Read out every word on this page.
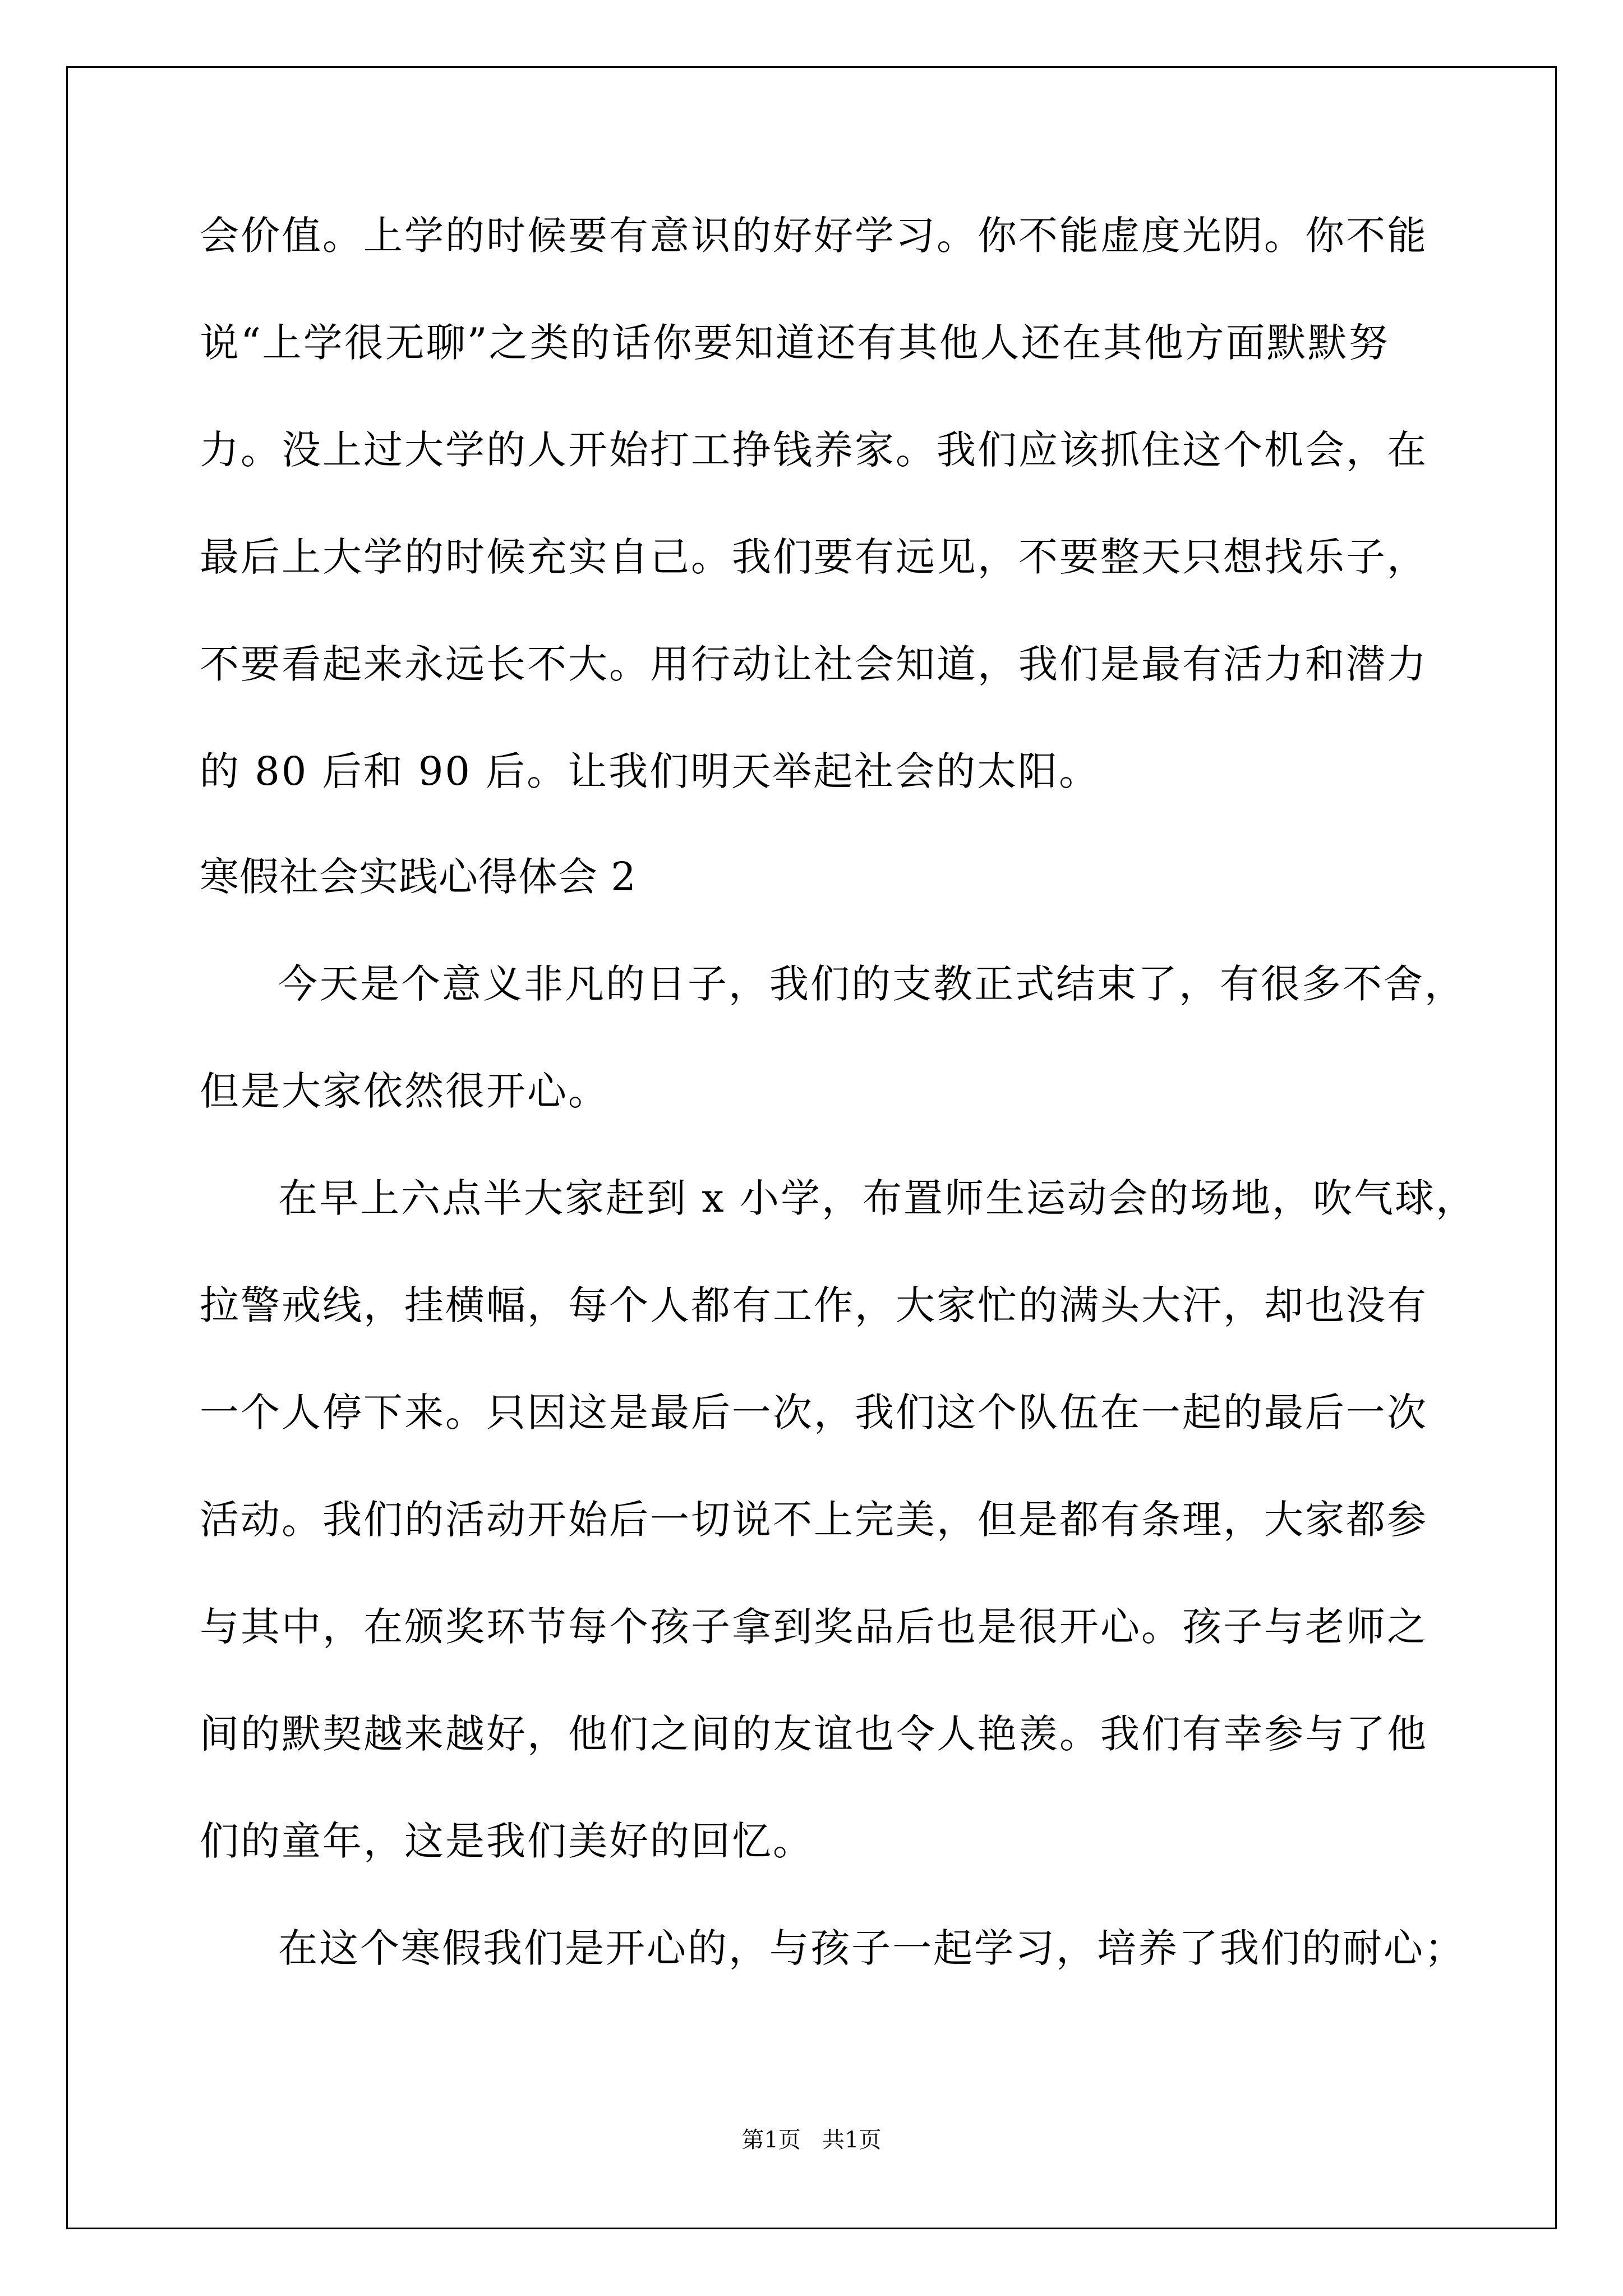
会价值。上学的时候要有意识的好好学习。你不能虚度光阴。你不能
说“上学很无聊”之类的话你要知道还有其他人还在其他方面默默努
力。没上过大学的人开始打工挣钱养家。我们应该抓住这个机会，在
最后上大学的时候充实自己。我们要有远见，不要整天只想找乐子，
不要看起来永远长不大。用行动让社会知道，我们是最有活力和潜力
的 80 后和 90 后。让我们明天举起社会的太阳。
寒假社会实践心得体会 2
今天是个意义非凡的日子，我们的支教正式结束了，有很多不舍，
但是大家依然很开心。
在早上六点半大家赶到 x 小学，布置师生运动会的场地，吹气球，
拉警戒线，挂横幅，每个人都有工作，大家忙的满头大汗，却也没有
一个人停下来。只因这是最后一次，我们这个队伍在一起的最后一次
活动。我们的活动开始后一切说不上完美，但是都有条理，大家都参
与其中，在颁奖环节每个孩子拿到奖品后也是很开心。孩子与老师之
间的默契越来越好，他们之间的友谊也令人艳羡。我们有幸参与了他
们的童年，这是我们美好的回忆。
在这个寒假我们是开心的，与孩子一起学习，培养了我们的耐心；
第1页   共1页
